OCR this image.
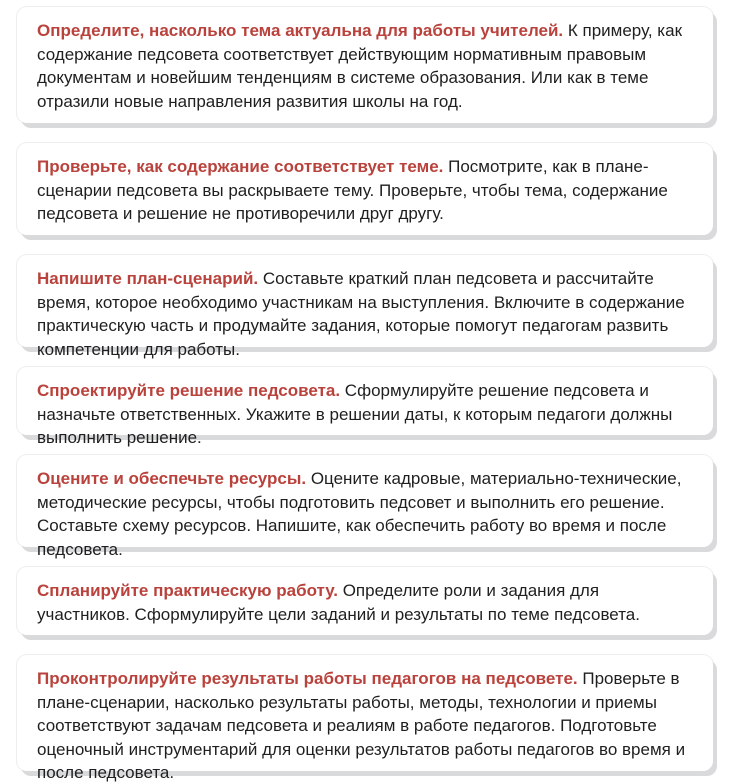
Определите, насколько тема актуальна для работы учителей. К примеру, как содержание педсовета соответствует действующим нормативным правовым документам и новейшим тенденциям в системе образования. Или как в теме отразили новые направления развития школы на год.
Проверьте, как содержание соответствует теме. Посмотрите, как в плане-сценарии педсовета вы раскрываете тему. Проверьте, чтобы тема, содержание педсовета и решение не противоречили друг другу.
Напишите план-сценарий. Составьте краткий план педсовета и рассчитайте время, которое необходимо участникам на выступления. Включите в содержание практическую часть и продумайте задания, которые помогут педагогам развить компетенции для работы.
Спроектируйте решение педсовета. Сформулируйте решение педсовета и назначьте ответственных. Укажите в решении даты, к которым педагоги должны выполнить решение.
Оцените и обеспечьте ресурсы. Оцените кадровые, материально-технические, методические ресурсы, чтобы подготовить педсовет и выполнить его решение. Составьте схему ресурсов. Напишите, как обеспечить работу во время и после педсовета.
Спланируйте практическую работу. Определите роли и задания для участников. Сформулируйте цели заданий и результаты по теме педсовета.
Проконтролируйте результаты работы педагогов на педсовете. Проверьте в плане-сценарии, насколько результаты работы, методы, технологии и приемы соответствуют задачам педсовета и реалиям в работе педагогов. Подготовьте оценочный инструментарий для оценки результатов работы педагогов во время и после педсовета.
